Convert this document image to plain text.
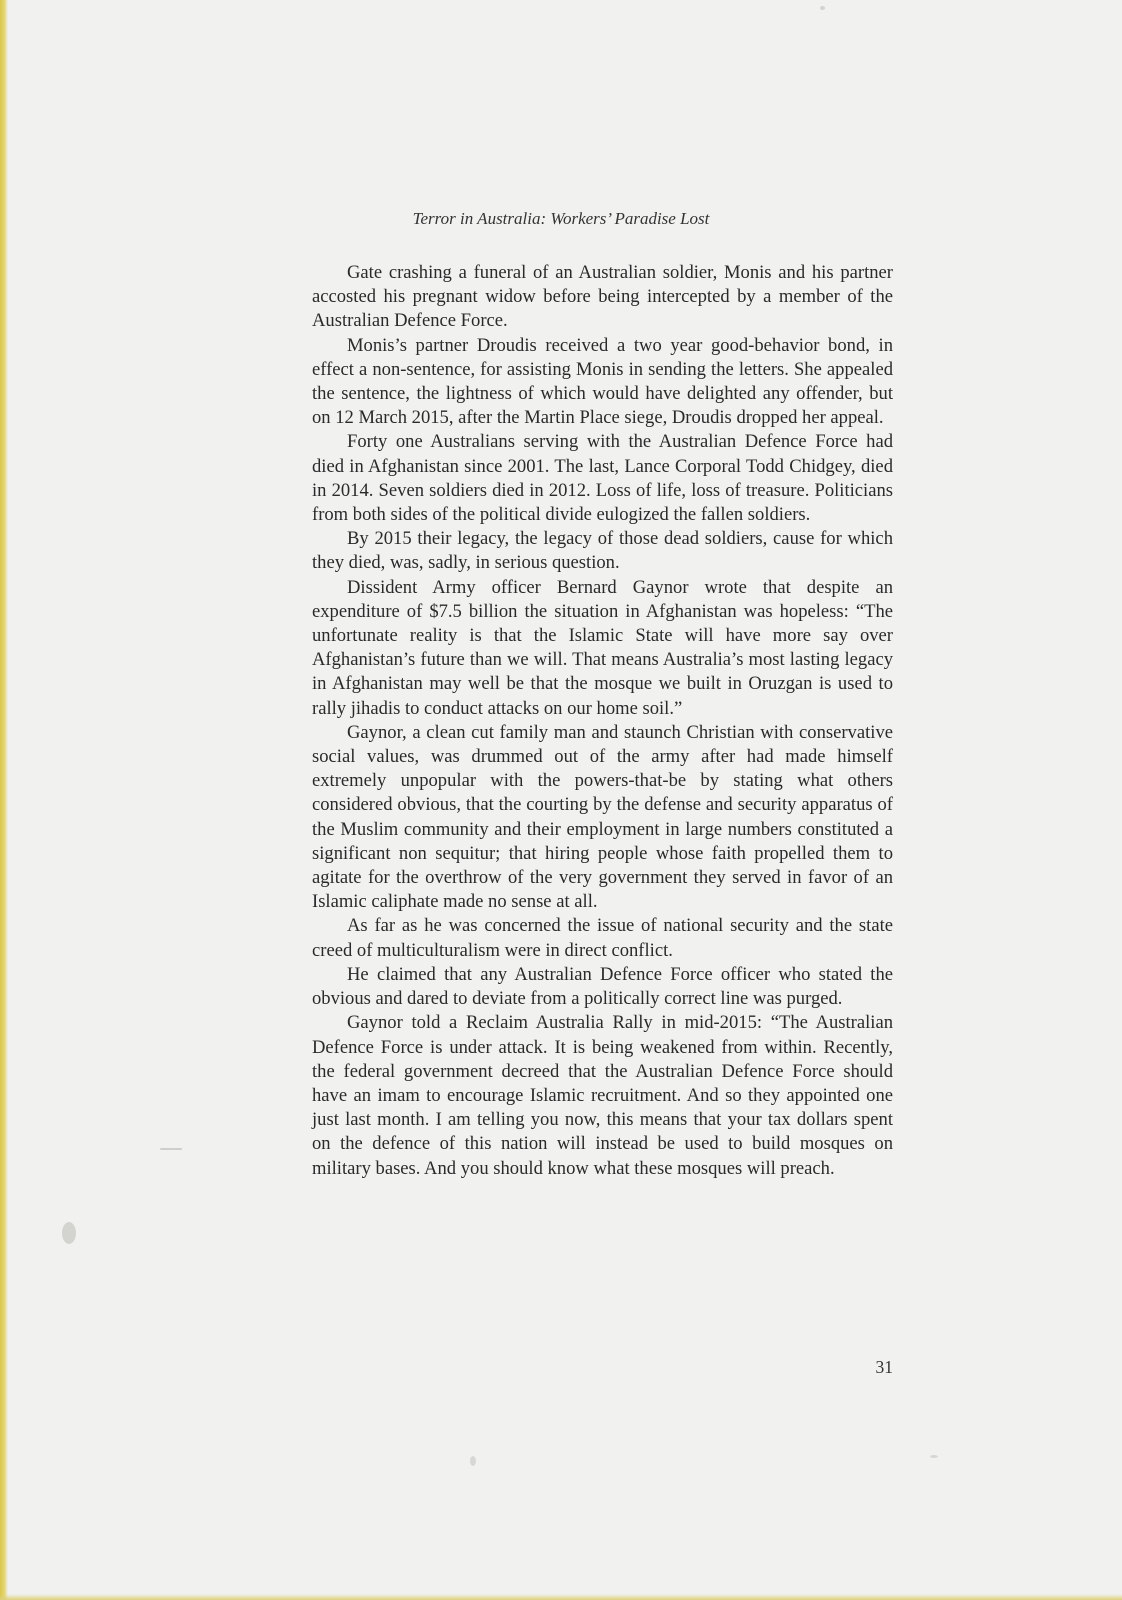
Terror in Australia: Workers’ Paradise Lost

Gate crashing a funeral of an Australian soldier, Monis and his partner accosted his pregnant widow before being intercepted by a member of the Australian Defence Force.

Monis’s partner Droudis received a two year good-behavior bond, in effect a non-sentence, for assisting Monis in sending the letters. She appealed the sentence, the lightness of which would have delighted any offender, but on 12 March 2015, after the Martin Place siege, Droudis dropped her appeal.

Forty one Australians serving with the Australian Defence Force had died in Afghanistan since 2001. The last, Lance Corporal Todd Chidgey, died in 2014. Seven soldiers died in 2012. Loss of life, loss of treasure. Politicians from both sides of the political divide eulogized the fallen soldiers.

By 2015 their legacy, the legacy of those dead soldiers, cause for which they died, was, sadly, in serious question.

Dissident Army officer Bernard Gaynor wrote that despite an expenditure of $7.5 billion the situation in Afghanistan was hopeless: “The unfortunate reality is that the Islamic State will have more say over Afghanistan’s future than we will. That means Australia’s most lasting legacy in Afghanistan may well be that the mosque we built in Oruzgan is used to rally jihadis to conduct attacks on our home soil.”

Gaynor, a clean cut family man and staunch Christian with conservative social values, was drummed out of the army after had made himself extremely unpopular with the powers-that-be by stating what others considered obvious, that the courting by the defense and security apparatus of the Muslim community and their employment in large numbers constituted a significant non sequitur; that hiring people whose faith propelled them to agitate for the overthrow of the very government they served in favor of an Islamic caliphate made no sense at all.

As far as he was concerned the issue of national security and the state creed of multiculturalism were in direct conflict.

He claimed that any Australian Defence Force officer who stated the obvious and dared to deviate from a politically correct line was purged.

Gaynor told a Reclaim Australia Rally in mid-2015: “The Australian Defence Force is under attack. It is being weakened from within. Recently, the federal government decreed that the Australian Defence Force should have an imam to encourage Islamic recruitment. And so they appointed one just last month. I am telling you now, this means that your tax dollars spent on the defence of this nation will instead be used to build mosques on military bases. And you should know what these mosques will preach.

31
